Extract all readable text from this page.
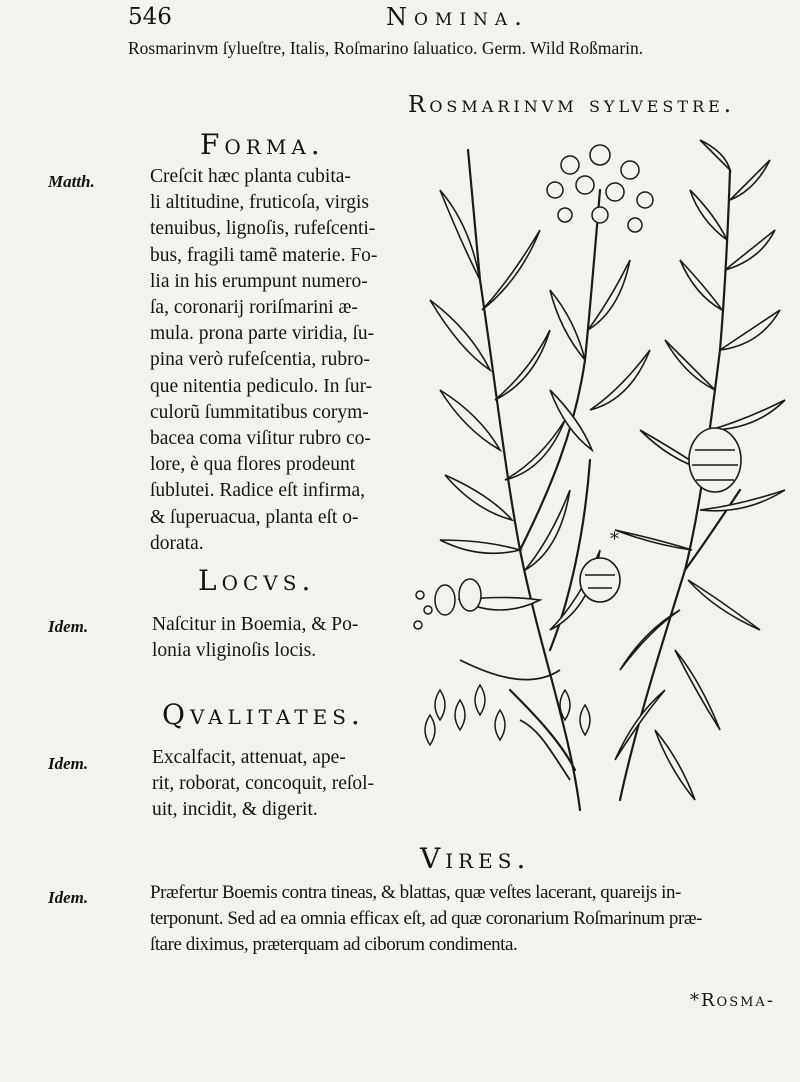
546	Nomina.
Rosmarinvm ſylueſtre, Italis, Roſmarino ſaluatico. Germ. Wild Roßmarin.
Rosmarinvm sylvestre.
Forma.
Matth.	Creſcit hæc planta cubita-
li altitudine, fruticoſa, virgis
tenuibus, lignoſis, rufeſcenti-
bus, fragili tamẽ materie. Fo-
lia in his erumpunt numero-
ſa, coronarij roriſmarini æ-
mula. prona parte viridia, ſu-
pina verò rufeſcentia, rubro-
que nitentia pediculo. In ſur-
culorũ ſummitatibus corym-
bacea coma viſitur rubro co-
lore, è qua flores prodeunt
ſublutei. Radice eſt infirma,
& ſuperuacua, planta eſt o-
dorata.
Locvs.
Idem.	Naſcitur in Boemia, & Po-
lonia vliginoſis locis.
Qvalitates.
Idem.	Excalfacit, attenuat, ape-
rit, roborat, concoquit, reſol-
uit, incidit, & digerit.
Vires.
Idem.	Præfertur Boemis contra tineas, & blattas, quæ veſtes lacerant, quareijs in-
terponunt. Sed ad ea omnia efficax eſt, ad quæ coronarium Roſmarinum præ-
ſtare diximus, præterquam ad ciborum condimenta.
*Rosma-
*
